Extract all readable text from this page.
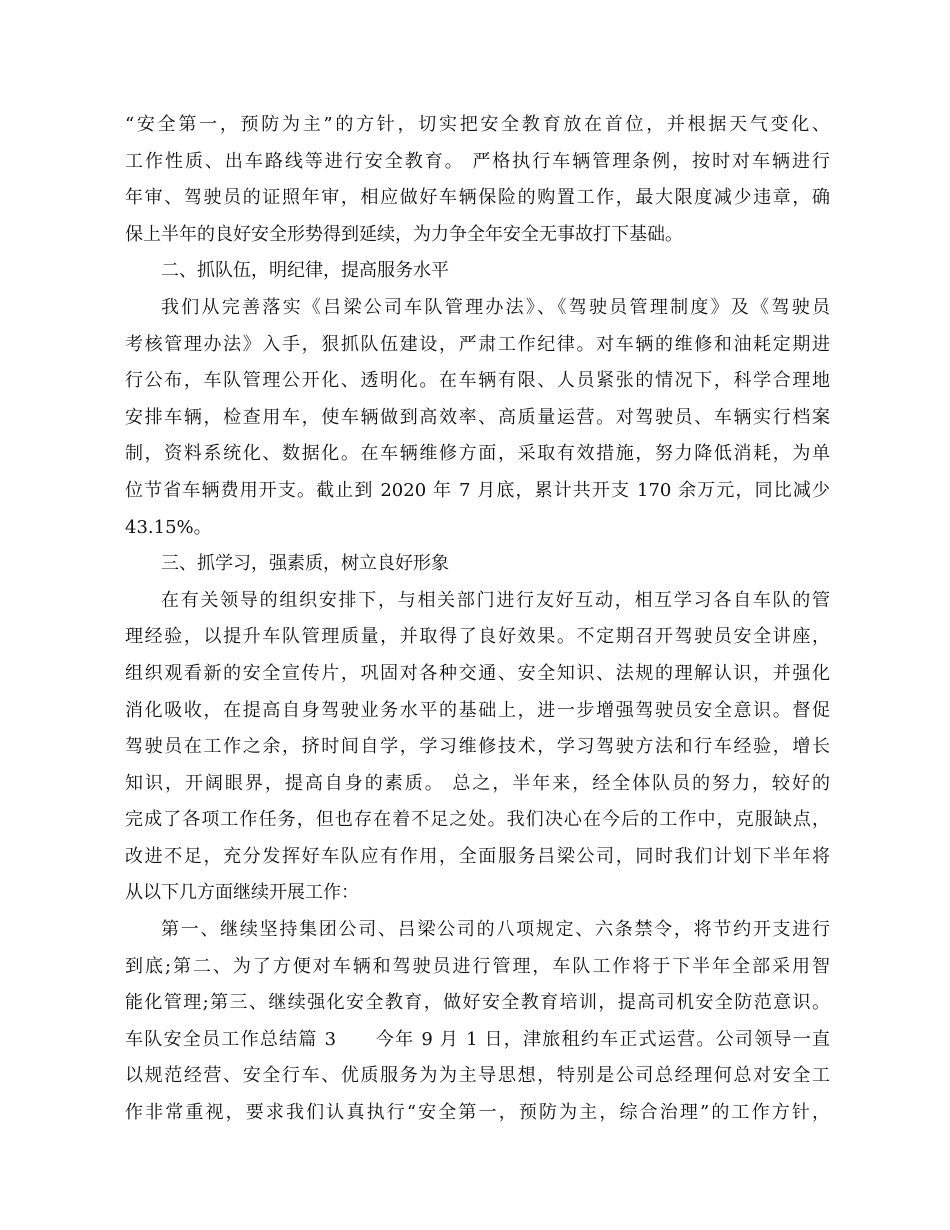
“安全第一，预防为主”的方针，切实把安全教育放在首位，并根据天气变化、
工作性质、出车路线等进行安全教育。 严格执行车辆管理条例，按时对车辆进行
年审、驾驶员的证照年审，相应做好车辆保险的购置工作，最大限度减少违章，确
保上半年的良好安全形势得到延续，为力争全年安全无事故打下基础。
二、抓队伍，明纪律，提高服务水平
我们从完善落实《吕梁公司车队管理办法》、《驾驶员管理制度》及《驾驶员
考核管理办法》入手，狠抓队伍建设，严肃工作纪律。对车辆的维修和油耗定期进
行公布，车队管理公开化、透明化。在车辆有限、人员紧张的情况下，科学合理地
安排车辆，检查用车，使车辆做到高效率、高质量运营。对驾驶员、车辆实行档案
制，资料系统化、数据化。在车辆维修方面，采取有效措施，努力降低消耗，为单
位节省车辆费用开支。截止到 2020 年 7 月底，累计共开支 170 余万元，同比减少
43.15%。
三、抓学习，强素质，树立良好形象
在有关领导的组织安排下，与相关部门进行友好互动，相互学习各自车队的管
理经验，以提升车队管理质量，并取得了良好效果。不定期召开驾驶员安全讲座，
组织观看新的安全宣传片，巩固对各种交通、安全知识、法规的理解认识，并强化
消化吸收，在提高自身驾驶业务水平的基础上，进一步增强驾驶员安全意识。督促
驾驶员在工作之余，挤时间自学，学习维修技术，学习驾驶方法和行车经验，增长
知识，开阔眼界，提高自身的素质。 总之，半年来，经全体队员的努力，较好的
完成了各项工作任务，但也存在着不足之处。我们决心在今后的工作中，克服缺点，
改进不足，充分发挥好车队应有作用，全面服务吕梁公司，同时我们计划下半年将
从以下几方面继续开展工作：
第一、继续坚持集团公司、吕梁公司的八项规定、六条禁令，将节约开支进行
到底;第二、为了方便对车辆和驾驶员进行管理，车队工作将于下半年全部采用智
能化管理;第三、继续强化安全教育，做好安全教育培训，提高司机安全防范意识。
车队安全员工作总结篇 3　　今年 9 月 1 日，津旅租约车正式运营。公司领导一直
以规范经营、安全行车、优质服务为为主导思想，特别是公司总经理何总对安全工
作非常重视，要求我们认真执行“安全第一，预防为主，综合治理”的工作方针，
